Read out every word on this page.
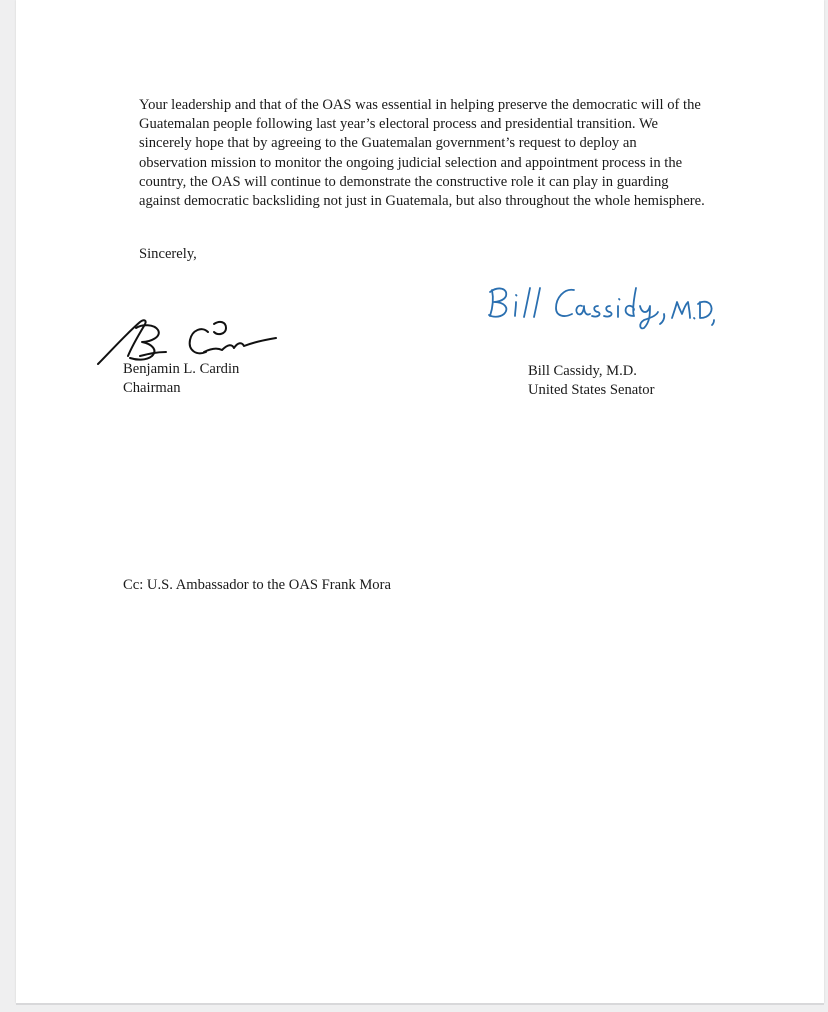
Your leadership and that of the OAS was essential in helping preserve the democratic will of the
Guatemalan people following last year’s electoral process and presidential transition. We
sincerely hope that by agreeing to the Guatemalan government’s request to deploy an
observation mission to monitor the ongoing judicial selection and appointment process in the
country, the OAS will continue to demonstrate the constructive role it can play in guarding
against democratic backsliding not just in Guatemala, but also throughout the whole hemisphere.

Sincerely,

Benjamin L. Cardin
Chairman
Bill Cassidy, M.D.
United States Senator

Cc: U.S. Ambassador to the OAS Frank Mora
